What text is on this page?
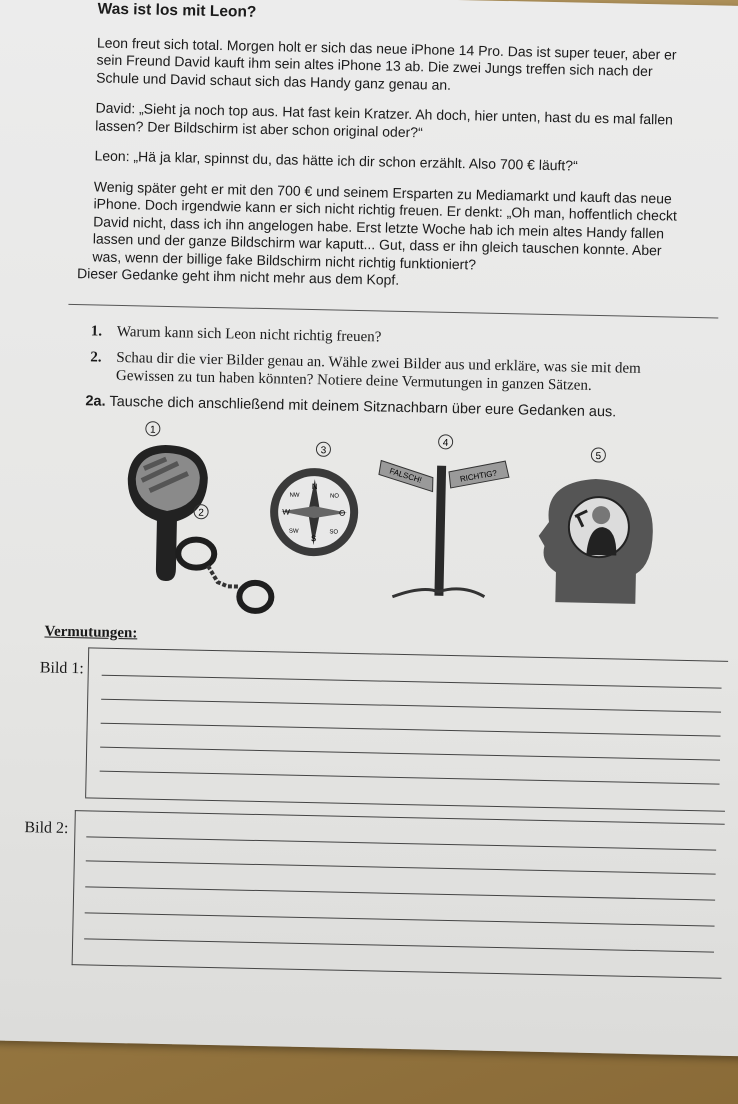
Was ist los mit Leon?

Leon freut sich total. Morgen holt er sich das neue iPhone 14 Pro. Das ist super teuer, aber er sein Freund David kauft ihm sein altes iPhone 13 ab. Die zwei Jungs treffen sich nach der Schule und David schaut sich das Handy ganz genau an.

David: „Sieht ja noch top aus. Hat fast kein Kratzer. Ah doch, hier unten, hast du es mal fallen lassen? Der Bildschirm ist aber schon original oder?“

Leon: „Hä ja klar, spinnst du, das hätte ich dir schon erzählt. Also 700 € läuft?“

Wenig später geht er mit den 700 € und seinem Ersparten zu Mediamarkt und kauft das neue iPhone. Doch irgendwie kann er sich nicht richtig freuen. Er denkt: „Oh man, hoffentlich checkt David nicht, dass ich ihn angelogen habe. Erst letzte Woche hab ich mein altes Handy fallen lassen und der ganze Bildschirm war kaputt... Gut, dass er ihn gleich tauschen konnte. Aber was, wenn der billige fake Bildschirm nicht richtig funktioniert?

Dieser Gedanke geht ihm nicht mehr aus dem Kopf.

1. Warum kann sich Leon nicht richtig freuen?
2. Schau dir die vier Bilder genau an. Wähle zwei Bilder aus und erkläre, was sie mit dem Gewissen zu tun haben könnten? Notiere deine Vermutungen in ganzen Sätzen.
2a. Tausche dich anschließend mit deinem Sitznachbarn über eure Gedanken aus.
1
2
3
N
S
W	O
NW	NO
SW	SO
4
FALSCH!	RICHTIG?
5
Vermutungen:
Bild 1:
Bild 2:
